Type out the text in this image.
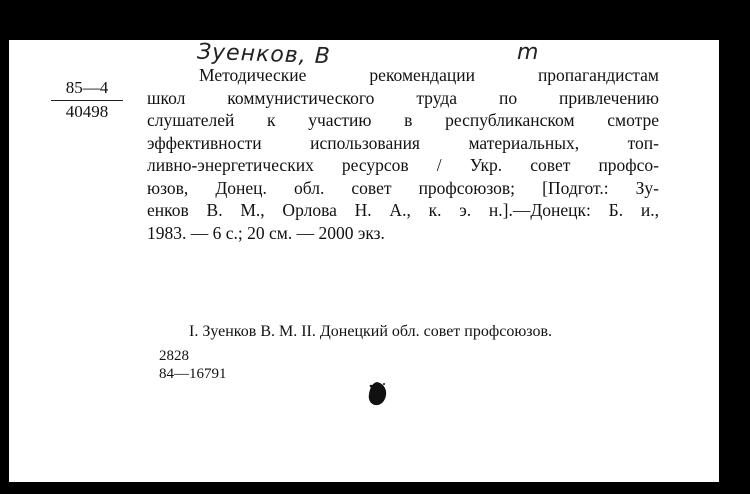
Зуенков, В	m
85—4
40498
Методические рекомендации пропагандистам
школ коммунистического труда по привлечению
слушателей к участию в республиканском смотре
эффективности использования материальных, топ-
ливно-энергетических ресурсов / Укр. совет профсо-
юзов, Донец. обл. совет профсоюзов; [Подгот.: Зу-
енков В. М., Орлова Н. А., к. э. н.].—Донецк: Б. и.,
1983. — 6 с.; 20 см. — 2000 экз.
I. Зуенков В. М. II. Донецкий обл. совет профсоюзов.
2828
84—16791
